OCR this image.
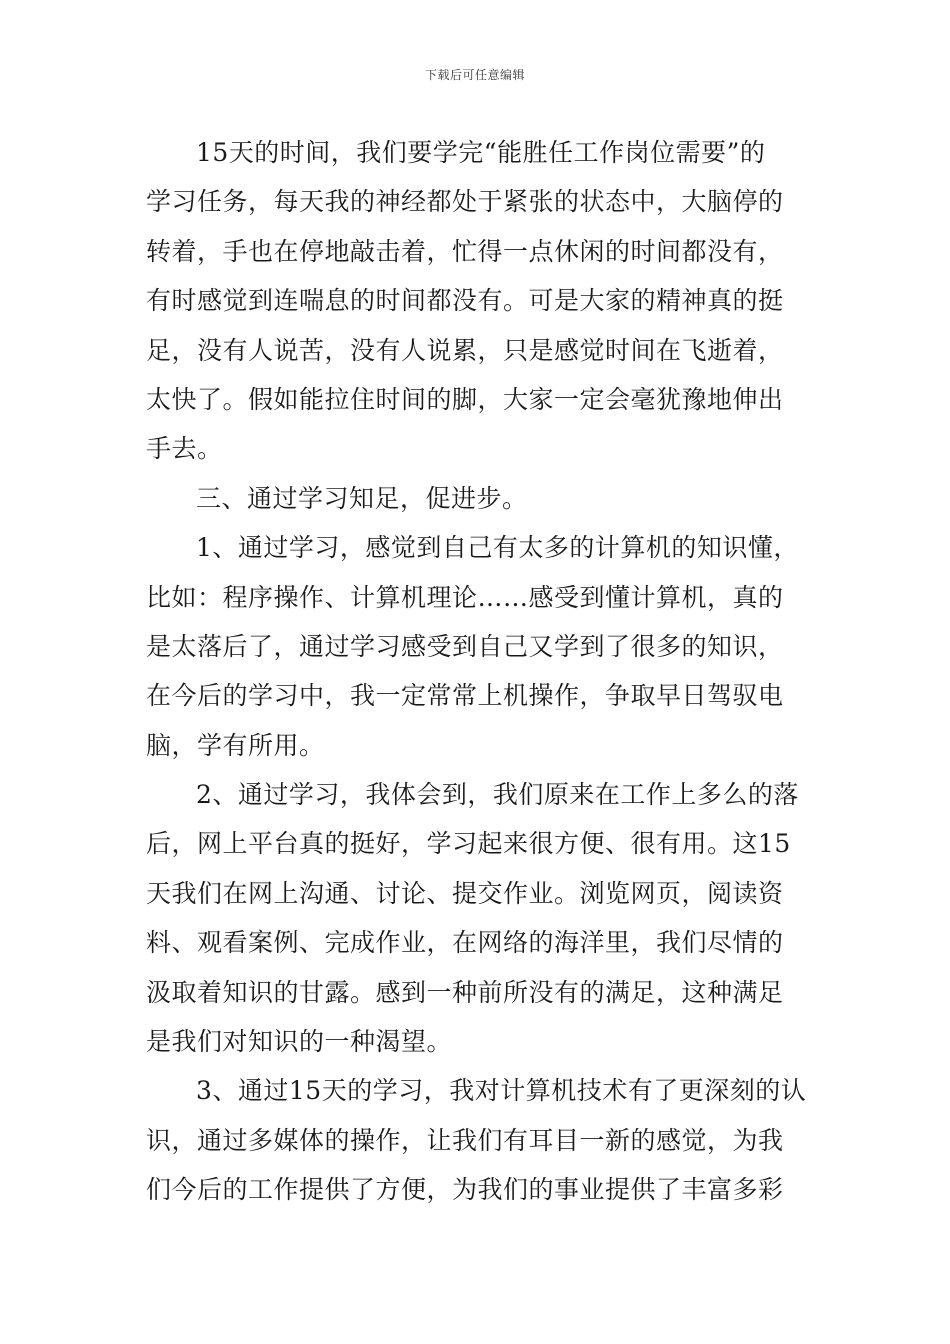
下载后可任意编辑
15天的时间，我们要学完“能胜任工作岗位需要”的
学习任务，每天我的神经都处于紧张的状态中，大脑停的
转着，手也在停地敲击着，忙得一点休闲的时间都没有，
有时感觉到连喘息的时间都没有。可是大家的精神真的挺
足，没有人说苦，没有人说累，只是感觉时间在飞逝着，
太快了。假如能拉住时间的脚，大家一定会毫犹豫地伸出
手去。
三、通过学习知足，促进步。
1、通过学习，感觉到自己有太多的计算机的知识懂，
比如：程序操作、计算机理论……感受到懂计算机，真的
是太落后了，通过学习感受到自己又学到了很多的知识，
在今后的学习中，我一定常常上机操作，争取早日驾驭电
脑，学有所用。
2、通过学习，我体会到，我们原来在工作上多么的落
后，网上平台真的挺好，学习起来很方便、很有用。这15
天我们在网上沟通、讨论、提交作业。浏览网页，阅读资
料、观看案例、完成作业，在网络的海洋里，我们尽情的
汲取着知识的甘露。感到一种前所没有的满足，这种满足
是我们对知识的一种渴望。
3、通过15天的学习，我对计算机技术有了更深刻的认
识，通过多媒体的操作，让我们有耳目一新的感觉，为我
们今后的工作提供了方便，为我们的事业提供了丰富多彩
